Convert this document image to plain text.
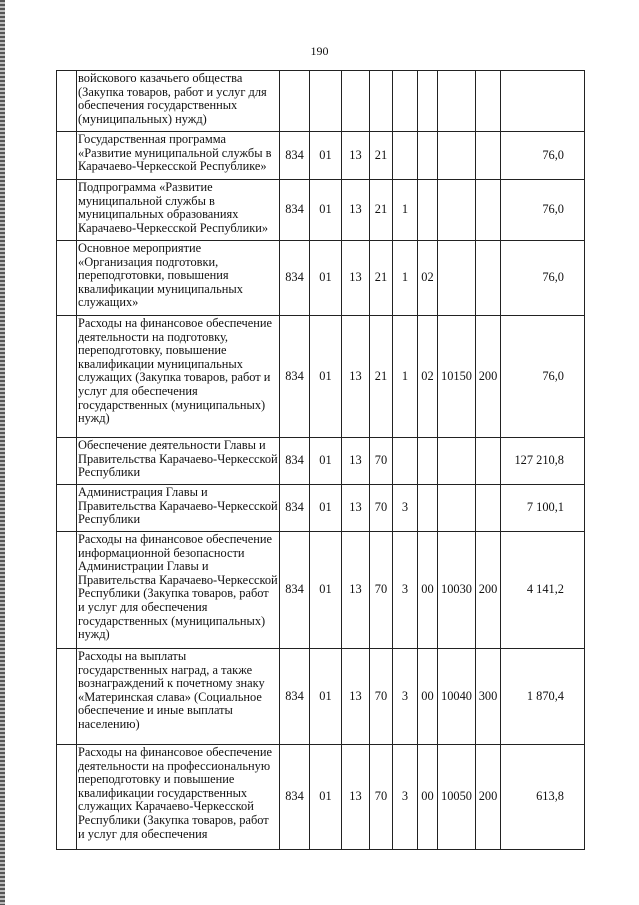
190
	войскового казачьего общества (Закупка товаров, работ и услуг для обеспечения государственных (муниципальных) нужд)									
	Государственная программа «Развитие муниципальной службы в Карачаево-Черкесской Республике»	834	01	13	21					76,0
	Подпрограмма «Развитие муниципальной службы в муниципальных образованиях Карачаево-Черкесской Республики»	834	01	13	21	1				76,0
	Основное мероприятие «Организация подготовки, переподготовки, повышения квалификации муниципальных служащих»	834	01	13	21	1	02			76,0
	Расходы на финансовое обеспечение деятельности на подготовку, переподготовку, повышение квалификации муниципальных служащих (Закупка товаров, работ и услуг для обеспечения государственных (муниципальных) нужд)	834	01	13	21	1	02	10150	200	76,0
	Обеспечение деятельности Главы и Правительства Карачаево-Черкесской Республики	834	01	13	70					127 210,8
	Администрация Главы и Правительства Карачаево-Черкесской Республики	834	01	13	70	3				7 100,1
	Расходы на финансовое обеспечение информационной безопасности Администрации Главы и Правительства Карачаево-Черкесской Республики (Закупка товаров, работ и услуг для обеспечения государственных (муниципальных) нужд)	834	01	13	70	3	00	10030	200	4 141,2
	Расходы на выплаты государственных наград, а также вознаграждений к почетному знаку «Материнская слава» (Социальное обеспечение и иные выплаты населению)	834	01	13	70	3	00	10040	300	1 870,4
	Расходы на финансовое обеспечение деятельности на профессиональную переподготовку и повышение квалификации государственных служащих Карачаево-Черкесской Республики (Закупка товаров, работ и услуг для обеспечения	834	01	13	70	3	00	10050	200	613,8
